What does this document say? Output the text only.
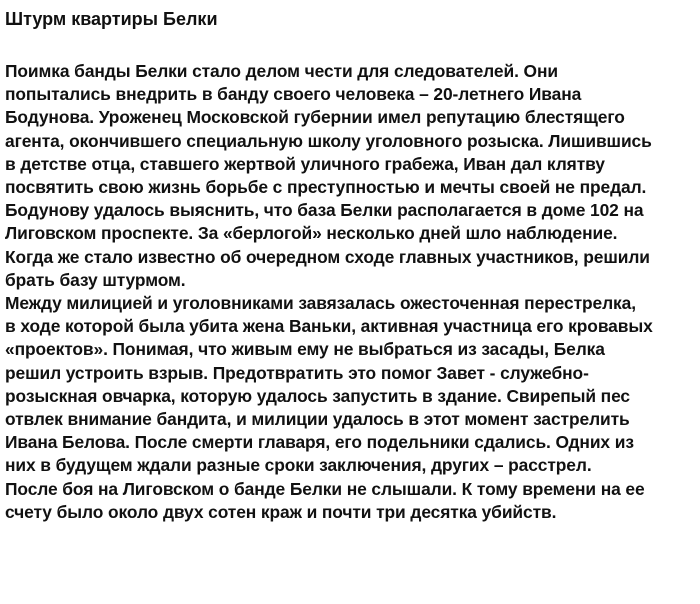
Штурм квартиры Белки
Поимка банды Белки стало делом чести для следователей. Они
попытались внедрить в банду своего человека – 20-летнего Ивана
Бодунова. Уроженец Московской губернии имел репутацию блестящего
агента, окончившего специальную школу уголовного розыска. Лишившись
в детстве отца, ставшего жертвой уличного грабежа, Иван дал клятву
посвятить свою жизнь борьбе с преступностью и мечты своей не предал.
Бодунову удалось выяснить, что база Белки располагается в доме 102 на
Лиговском проспекте. За «берлогой» несколько дней шло наблюдение.
Когда же стало известно об очередном сходе главных участников, решили
брать базу штурмом.
Между милицией и уголовниками завязалась ожесточенная перестрелка,
в ходе которой была убита жена Ваньки, активная участница его кровавых
«проектов». Понимая, что живым ему не выбраться из засады, Белка
решил устроить взрыв. Предотвратить это помог Завет - служебно-
розыскная овчарка, которую удалось запустить в здание. Свирепый пес
отвлек внимание бандита, и милиции удалось в этот момент застрелить
Ивана Белова. После смерти главаря, его подельники сдались. Одних из
них в будущем ждали разные сроки заключения, других – расстрел.
После боя на Лиговском о банде Белки не слышали. К тому времени на ее
счету было около двух сотен краж и почти три десятка убийств.
